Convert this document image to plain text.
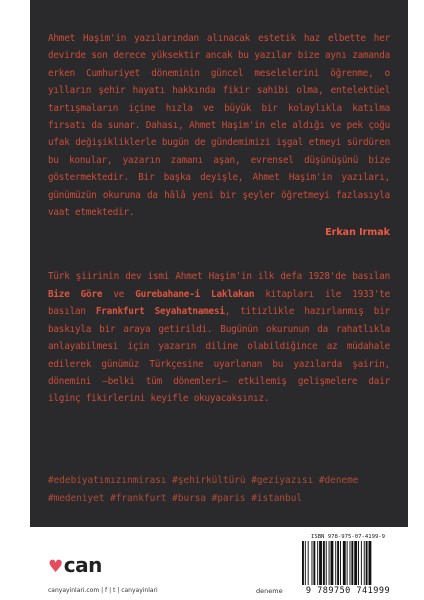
Ahmet Haşim'in yazılarından alınacak estetik haz elbette her devirde son derece yüksektir ancak bu yazılar bize aynı zamanda erken Cumhuriyet döneminin güncel meselelerini öğrenme, o yılların şehir hayatı hakkında fikir sahibi olma, entelektüel tartışmaların içine hızla ve büyük bir kolaylıkla katılma fırsatı da sunar. Dahası, Ahmet Haşim'in ele aldığı ve pek çoğu ufak değişikliklerle bugün de gündemimizi işgal etmeyi sürdüren bu konular, yazarın zamanı aşan, evrensel düşünüşünü bize göstermektedir. Bir başka deyişle, Ahmet Haşim'in yazıları, günümüzün okuruna da hâlâ yeni bir şeyler öğretmeyi fazlasıyla vaat etmektedir.

Erkan Irmak

Türk şiirinin dev ismi Ahmet Haşim'in ilk defa 1928'de basılan Bize Göre ve Gurebahane-i Laklakan kitapları ile 1933'te basılan Frankfurt Seyahatnamesi, titizlikle hazırlanmış bir baskıyla bir araya getirildi. Bugünün okurunun da rahatlıkla anlayabilmesi için yazarın diline olabildiğince az müdahale edilerek günümüz Türkçesine uyarlanan bu yazılarda şairin, dönemini –belki tüm dönemleri– etkilemiş gelişmelere dair ilginç fikirlerini keyifle okuyacaksınız.

#edebiyatımızınmirası #şehirkültürü #geziyazısı #deneme
#medeniyet #frankfurt #bursa #paris #istanbul
♥can
canyayinlari.com | f | t | canyayinlari	deneme
ISBN 978-975-07-4199-9
9 789750 741999
